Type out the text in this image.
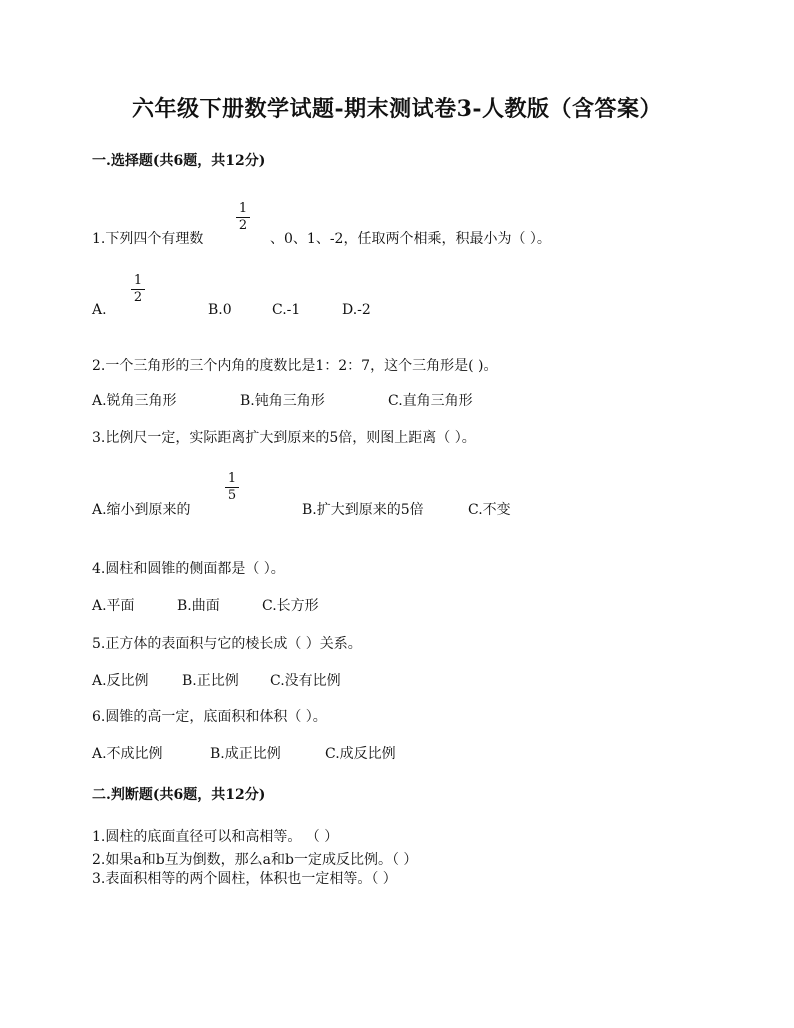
六年级下册数学试题-期末测试卷3-人教版（含答案）
一.选择题(共6题，共12分)
1.下列四个有理数
1
2
、0、1、-2，任取两个相乘，积最小为（ ）。
A.
1
2
B.0	C.-1	D.-2
2.一个三角形的三个内角的度数比是1：2：7，这个三角形是( )。
A.锐角三角形	B.钝角三角形	C.直角三角形
3.比例尺一定，实际距离扩大到原来的5倍，则图上距离（ ）。
A.缩小到原来的
1
5
B.扩大到原来的5倍	C.不变
4.圆柱和圆锥的侧面都是（ ）。
A.平面	B.曲面	C.长方形
5.正方体的表面积与它的棱长成（ ）关系。
A.反比例 B.正比例 C.没有比例
6.圆锥的高一定，底面积和体积（ ）。
A.不成比例	B.成正比例	C.成反比例
二.判断题(共6题，共12分)
1.圆柱的底面直径可以和高相等。 （ ）
2.如果a和b互为倒数，那么a和b一定成反比例。（ ）
3.表面积相等的两个圆柱，体积也一定相等。（ ）
